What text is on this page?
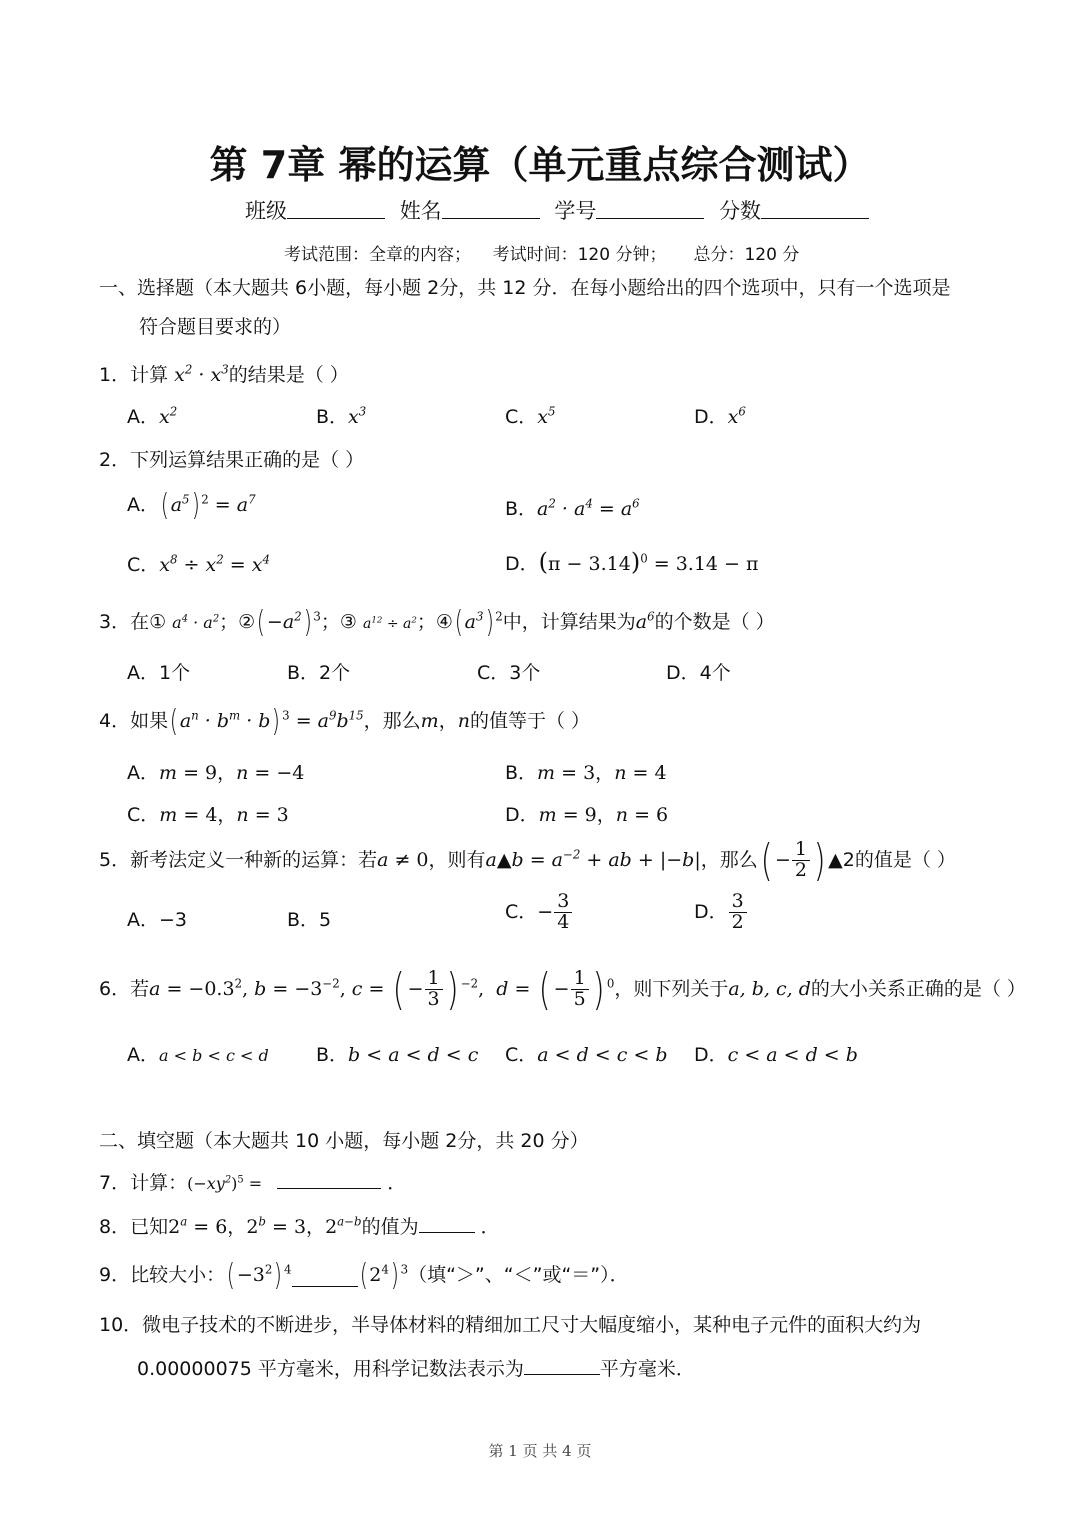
第 7章 幂的运算（单元重点综合测试）
班级	姓名	学号	分数
考试范围：全章的内容；    考试时间：120 分钟；     总分：120 分
一、选择题（本大题共 6小题，每小题 2分，共 12 分．在每小题给出的四个选项中，只有一个选项是
符合题目要求的）
1．计算 $x^2 \cdot x^3$的结果是（ ）
A．$x^2$	B．$x^3$	C．$x^5$	D．$x^6$
2．下列运算结果正确的是（ ）
A．$(a^5) ^2 = a^7$	B．$a^2 \cdot a^4 = a^6$
C．$x^8 \div x^2 = x^4$	D．$(\pi - 3.14)^0 = 3.14 - \pi$
3．在① $a^4 \cdot a^2$；$②(-a^2)$ $^3$；③ $a^{12} \div a^2$；$④(a^3)$ $^2$中，计算结果为$a^6$的个数是（ ）
A．1个	B．2个	C．3个	D．4个
4．如果$(a^n \cdot b^m \cdot b) ^3 = a^9b^{15}$，那么m，n的值等于（ ）
A．m = 9，n = −4	B．m = 3，n = 4
C．m = 4，n = 3	D．m = 9，n = 6
5．新考法定义一种新的运算：若a ≠ 0，则有a▲b = $a^{-2}$ + ab + |−b|，那么( − $\frac{1}{2}$ ) ▲2的值是（ ）
A．−3	B．5	C．− $\frac{3}{4}$	D． $\frac{3}{2}$
6．若$a = -0.3^2$, $b = -3^{-2}$, c = ( − $\frac{1}{3}$ ) $^{-2}$,  d = ( − $\frac{1}{5}$ ) $^0$，则下列关于a, b, c, d的大小关系正确的是（ ）
A．a < b < c < d B．b < a < d < c C．a < d < c < b D．c < a < d < b
二、填空题（本大题共 10 小题，每小题 2分，共 20 分）
7．计算：$(-xy^2)^5$ =	．
8．已知$2^a = 6$，$2^b = 3$，$2^{a-b}$的值为	．
9．比较大小：$(-3^2)$ $^4$ $(2^4)$ $^3$（填“＞”、“＜”或“＝”）．
10．微电子技术的不断进步，半导体材料的精细加工尺寸大幅度缩小，某种电子元件的面积大约为
0.00000075 平方毫米，用科学记数法表示为	平方毫米．
第 1 页 共 4 页
